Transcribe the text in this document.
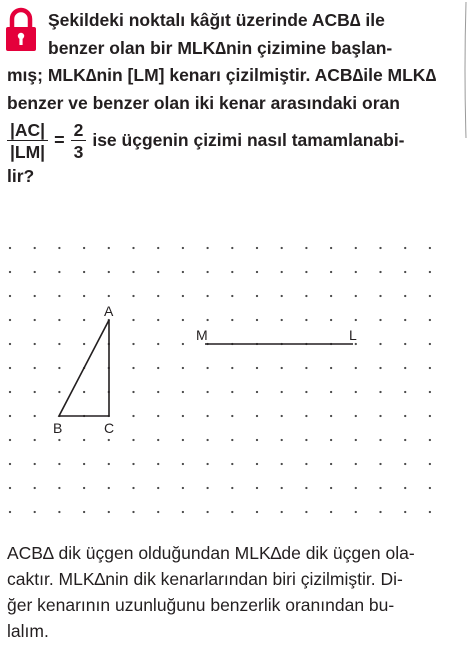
Şekildeki noktalı kâğıt üzerinde ACB∆ ile
benzer olan bir MLK∆nin çizimine başlan-
mış; MLK∆nin [LM] kenarı çizilmiştir. ACB∆ile MLK∆
benzer ve benzer olan iki kenar arasındaki oran
$\frac{|AC|}{|LM|} = \frac{2}{3}$ ise üçgenin çizimi nasıl tamamlanabi-
lir?
A
B	C
M	L
ACB∆ dik üçgen olduğundan MLK∆de dik üçgen ola-
caktır. MLK∆nin dik kenarlarından biri çizilmiştir. Di-
ğer kenarının uzunluğunu benzerlik oranından bu-
lalım.
